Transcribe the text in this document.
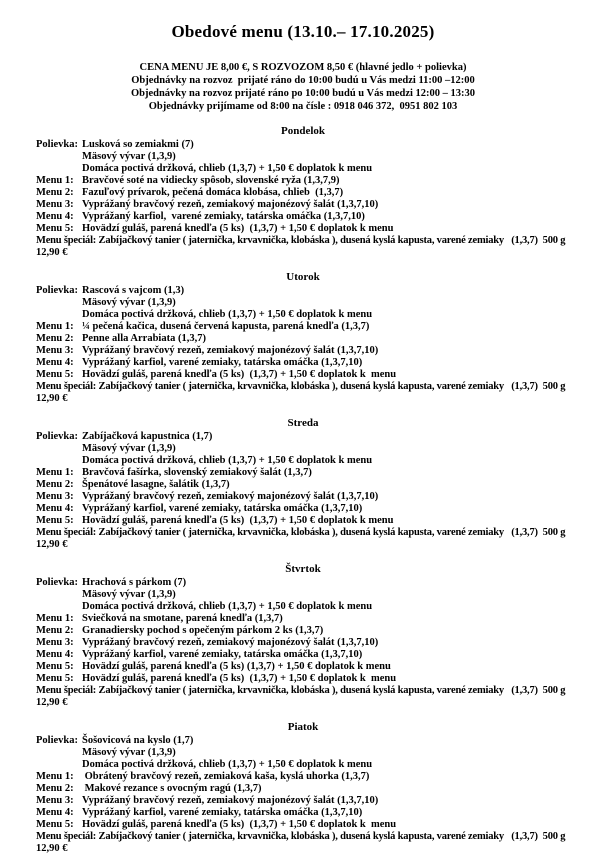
Obedové menu (13.10.– 17.10.2025)
CENA MENU JE 8,00 €, S ROZVOZOM 8,50 € (hlavné jedlo + polievka)
Objednávky na rozvoz  prijaté ráno do 10:00 budú u Vás medzi 11:00 –12:00
Objednávky na rozvoz prijaté ráno po 10:00 budú u Vás medzi 12:00 – 13:30
Objednávky prijímame od 8:00 na čísle : 0918 046 372,  0951 802 103
Pondelok
Polievka: Lusková so zemiakmi (7)
Mäsový vývar (1,3,9)
Domáca poctivá držková, chlieb (1,3,7) + 1,50 € doplatok k menu
Menu 1: Bravčové soté na vidiecky spôsob, slovenské ryža (1,3,7,9)
Menu 2: Fazuľový prívarok, pečená domáca klobása, chlieb  (1,3,7)
Menu 3: Vyprážaný bravčový rezeň, zemiakový majonézový šalát (1,3,7,10)
Menu 4: Vyprážaný karfiol,  varené zemiaky, tatárska omáčka (1,3,7,10)
Menu 5: Hovädzí guláš, parená knedľa (5 ks)  (1,3,7) + 1,50 € doplatok k menu
Menu špeciál: Zabíjačkový tanier ( jaternička, krvavnička, klobáska ), dusená kyslá kapusta, varené zemiaky   (1,3,7)  500 g
12,90 €
Utorok
Polievka: Rascová s vajcom (1,3)
Mäsový vývar (1,3,9)
Domáca poctivá držková, chlieb (1,3,7) + 1,50 € doplatok k menu
Menu 1: ¼ pečená kačica, dusená červená kapusta, parená knedľa (1,3,7)
Menu 2: Penne alla Arrabiata (1,3,7)
Menu 3: Vyprážaný bravčový rezeň, zemiakový majonézový šalát (1,3,7,10)
Menu 4: Vyprážaný karfiol, varené zemiaky, tatárska omáčka (1,3,7,10)
Menu 5: Hovädzí guláš, parená knedľa (5 ks)  (1,3,7) + 1,50 € doplatok k  menu
Menu špeciál: Zabíjačkový tanier ( jaternička, krvavnička, klobáska ), dusená kyslá kapusta, varené zemiaky   (1,3,7)  500 g
12,90 €
Streda
Polievka: Zabíjačková kapustnica (1,7)
Mäsový vývar (1,3,9)
Domáca poctivá držková, chlieb (1,3,7) + 1,50 € doplatok k menu
Menu 1: Bravčová fašírka, slovenský zemiakový šalát (1,3,7)
Menu 2: Špenátové lasagne, šalátik (1,3,7)
Menu 3: Vyprážaný bravčový rezeň, zemiakový majonézový šalát (1,3,7,10)
Menu 4: Vyprážaný karfiol, varené zemiaky, tatárska omáčka (1,3,7,10)
Menu 5: Hovädzí guláš, parená knedľa (5 ks)  (1,3,7) + 1,50 € doplatok k menu
Menu špeciál: Zabíjačkový tanier ( jaternička, krvavnička, klobáska ), dusená kyslá kapusta, varené zemiaky   (1,3,7)  500 g
12,90 €
Štvrtok
Polievka: Hrachová s párkom (7)
Mäsový vývar (1,3,9)
Domáca poctivá držková, chlieb (1,3,7) + 1,50 € doplatok k menu
Menu 1: Sviečková na smotane, parená knedľa (1,3,7)
Menu 2: Granadiersky pochod s opečeným párkom 2 ks (1,3,7)
Menu 3: Vyprážaný bravčový rezeň, zemiakový majonézový šalát (1,3,7,10)
Menu 4: Vyprážaný karfiol, varené zemiaky, tatárska omáčka (1,3,7,10)
Menu 5: Hovädzí guláš, parená knedľa (5 ks) (1,3,7) + 1,50 € doplatok k menu
Menu 5: Hovädzí guláš, parená knedľa (5 ks)  (1,3,7) + 1,50 € doplatok k  menu
Menu špeciál: Zabíjačkový tanier ( jaternička, krvavnička, klobáska ), dusená kyslá kapusta, varené zemiaky   (1,3,7)  500 g
12,90 €
Piatok
Polievka: Šošovicová na kyslo (1,7)
Mäsový vývar (1,3,9)
Domáca poctivá držková, chlieb (1,3,7) + 1,50 € doplatok k menu
Menu 1: Obrátený bravčový rezeň, zemiaková kaša, kyslá uhorka (1,3,7)
Menu 2: Makové rezance s ovocným ragú (1,3,7)
Menu 3: Vyprážaný bravčový rezeň, zemiakový majonézový šalát (1,3,7,10)
Menu 4: Vyprážaný karfiol, varené zemiaky, tatárska omáčka (1,3,7,10)
Menu 5: Hovädzí guláš, parená knedľa (5 ks)  (1,3,7) + 1,50 € doplatok k  menu
Menu špeciál: Zabíjačkový tanier ( jaternička, krvavnička, klobáska ), dusená kyslá kapusta, varené zemiaky   (1,3,7)  500 g
12,90 €
